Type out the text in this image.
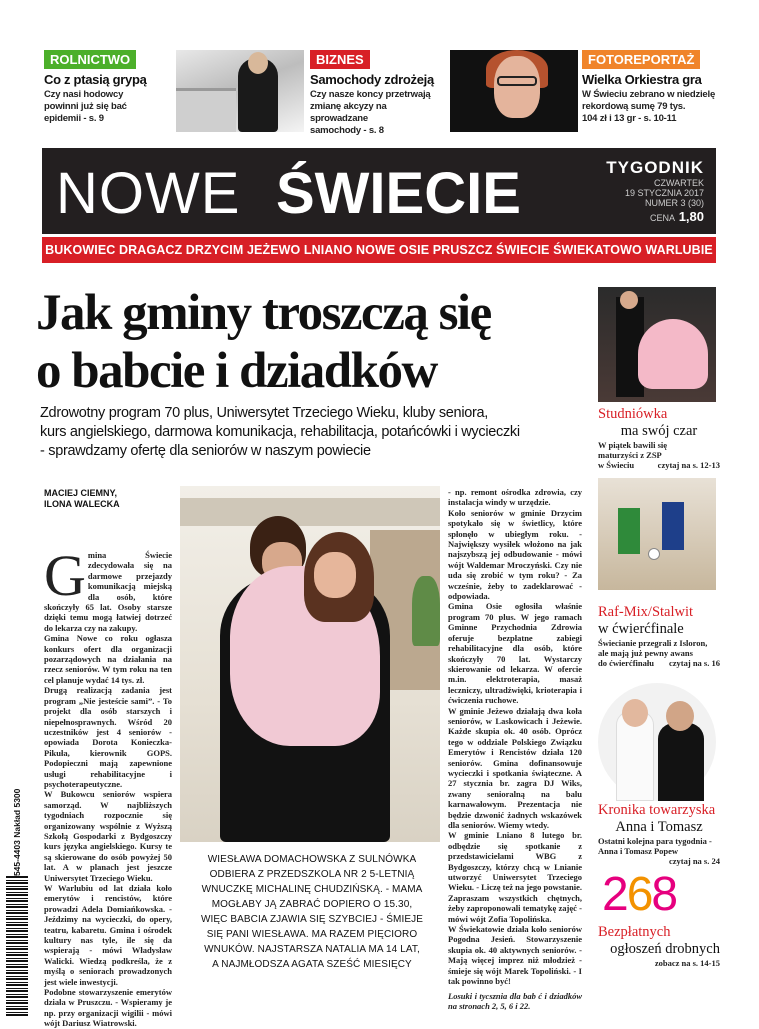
ROLNICTWO
Co z ptasią grypą
Czy nasi hodowcy
powinni już się bać
epidemii - s. 9
BIZNES
Samochody zdrożeją
Czy nasze koncy przetrwają
zmianę akcyzy na sprowadzane
samochody - s. 8
FOTOREPORTAŻ
Wielka Orkiestra gra
W Świeciu zebrano w niedzielę
rekordową sumę 79 tys.
104 zł i 13 gr - s. 10-11
NOWE ŚWIECIE	TYGODNIK
CZWARTEK
19 STYCZNIA 2017
NUMER 3 (30)
CENA 1,80
BUKOWIEC DRAGACZ DRZYCIM JEŻEWO LNIANO NOWE OSIE PRUSZCZ ŚWIECIE ŚWIEKATOWO WARLUBIE
Jak gminy troszczą się
o babcie i dziadków
Zdrowotny program 70 plus, Uniwersytet Trzeciego Wieku, kluby seniora,
kurs angielskiego, darmowa komunikacja, rehabilitacja, potańcówki i wycieczki
- sprawdzamy ofertę dla seniorów w naszym powiecie
MACIEJ CIEMNY,
ILONA WALECKA
G mina Świecie zdecydowała się na darmowe przejazdy komunikacją miejską dla osób, które skończyły 65 lat. Osoby starsze dzięki temu mogą łatwiej dotrzeć do lekarza czy na zakupy.

Gmina Nowe co roku ogłasza konkurs ofert dla organizacji pozarządowych na działania na rzecz seniorów. W tym roku na ten cel planuje wydać 14 tys. zł.

Drugą realizacją zadania jest program „Nie jesteście sami”. - To projekt dla osób starszych i niepełnosprawnych. Wśród 20 uczestników jest 4 seniorów - opowiada Dorota Konieczka-Pikuła, kierownik GOPS. Podopieczni mają zapewnione usługi rehabilitacyjne i psychoterapeutyczne.

W Bukowcu seniorów wspiera samorząd. W najbliższych tygodniach rozpocznie się organizowany wspólnie z Wyższą Szkołą Gospodarki z Bydgoszczy kurs języka angielskiego. Kursy te są skierowane do osób powyżej 50 lat. A w planach jest jeszcze Uniwersytet Trzeciego Wieku.

W Warlubiu od lat działa koło emerytów i rencistów, które prowadzi Adela Domiańkowska. - Jeździmy na wycieczki, do opery, teatru, kabaretu. Gmina i ośrodek kultury nas tyle, ile się da wspierają - mówi Władysław Walicki. Wiedzą podkreśla, że z myślą o seniorach prowadzonych jest wiele inwestycji.

Podobne stowarzyszenie emerytów działa w Pruszczu. - Wspieramy je np. przy organizacji wigilii - mówi wójt Dariusz Wiatrowski.

WIESŁAWA DOMACHOWSKA Z SULNÓWKA
ODBIERA Z PRZEDSZKOLA NR 2 5-LETNIĄ
WNUCZKĘ MICHALINĘ CHUDZIŃSKĄ. - MAMA
MOGŁABY JĄ ZABRAĆ DOPIERO O 15.30,
WIĘC BABCIA ZJAWIA SIĘ SZYBCIEJ - ŚMIEJE
SIĘ PANI WIESŁAWA. MA RAZEM PIĘCIORO
WNUKÓW. NAJSTARSZA NATALIA MA 14 LAT,
A NAJMŁODSZA AGATA SZEŚĆ MIESIĘCY

- np. remont ośrodka zdrowia, czy instalacja windy w urzędzie.

Koło seniorów w gminie Drzycim spotykało się w świetlicy, które spłonęło w ubiegłym roku. - Największy wysiłek włożono na jak najszybszą jej odbudowanie - mówi wójt Waldemar Mroczyński. Czy nie uda się zrobić w tym roku? - Za wcześnie, żeby to zadeklarować - odpowiada.

Gmina Osie ogłosiła właśnie program 70 plus. W jego ramach Gminne Przychodnia Zdrowia oferuje bezpłatne zabiegi rehabilitacyjne dla osób, które skończyły 70 lat. Wystarczy skierowanie od lekarza. W ofercie m.in. elektroterapia, masaż leczniczy, ultradźwięki, krioterapia i ćwiczenia ruchowe.

W gminie Jeżewo działają dwa koła seniorów, w Laskowicach i Jeżewie. Każde skupia ok. 40 osób. Oprócz tego w oddziale Polskiego Związku Emerytów i Rencistów działa 120 seniorów. Gmina dofinansowuje wycieczki i spotkania świąteczne. A 27 stycznia br. zagra DJ Wiks, zwany senioralną na balu karnawałowym. Prezentacja nie będzie dzwonić żadnych wskazówek dla seniorów. Wiemy wtedy.

W gminie Lniano 8 lutego br. odbędzie się spotkanie z przedstawicielami WBG z Bydgoszczy, którzy chcą w Lnianie utworzyć Uniwersytet Trzeciego Wieku. - Liczę też na jego powstanie. Zapraszam wszystkich chętnych, żeby zaproponowali tematykę zajęć - mówi wójt Zofia Topolińska.

W Świekatowie działa koło seniorów Pogodna Jesień. Stowarzyszenie skupia ok. 40 aktywnych seniorów. - Mają więcej imprez niż młodzież - śmieje się wójt Marek Topoliński. - I tak powinno być!

Losuki i tycsznia dla bab ć i dziadków na stronach 2, 5, 6 i 22.

Studniówka
ma swój czar
W piątek bawili się
maturzyści z ZSP
w Świeciu	czytaj na s. 12-13
Raf-Mix/Stalwit
w ćwierćfinale
Świecianie przegrali z Isloron,
ale mają już pewny awans
do ćwierćfinału czytaj na s. 16
Kronika towarzyska
Anna i Tomasz
Ostatni kolejna para tygodnia -
Anna i Tomasz Popew
czytaj na s. 24
268
Bezpłatnych
ogłoszeń drobnych
zobacz na s. 14-15
